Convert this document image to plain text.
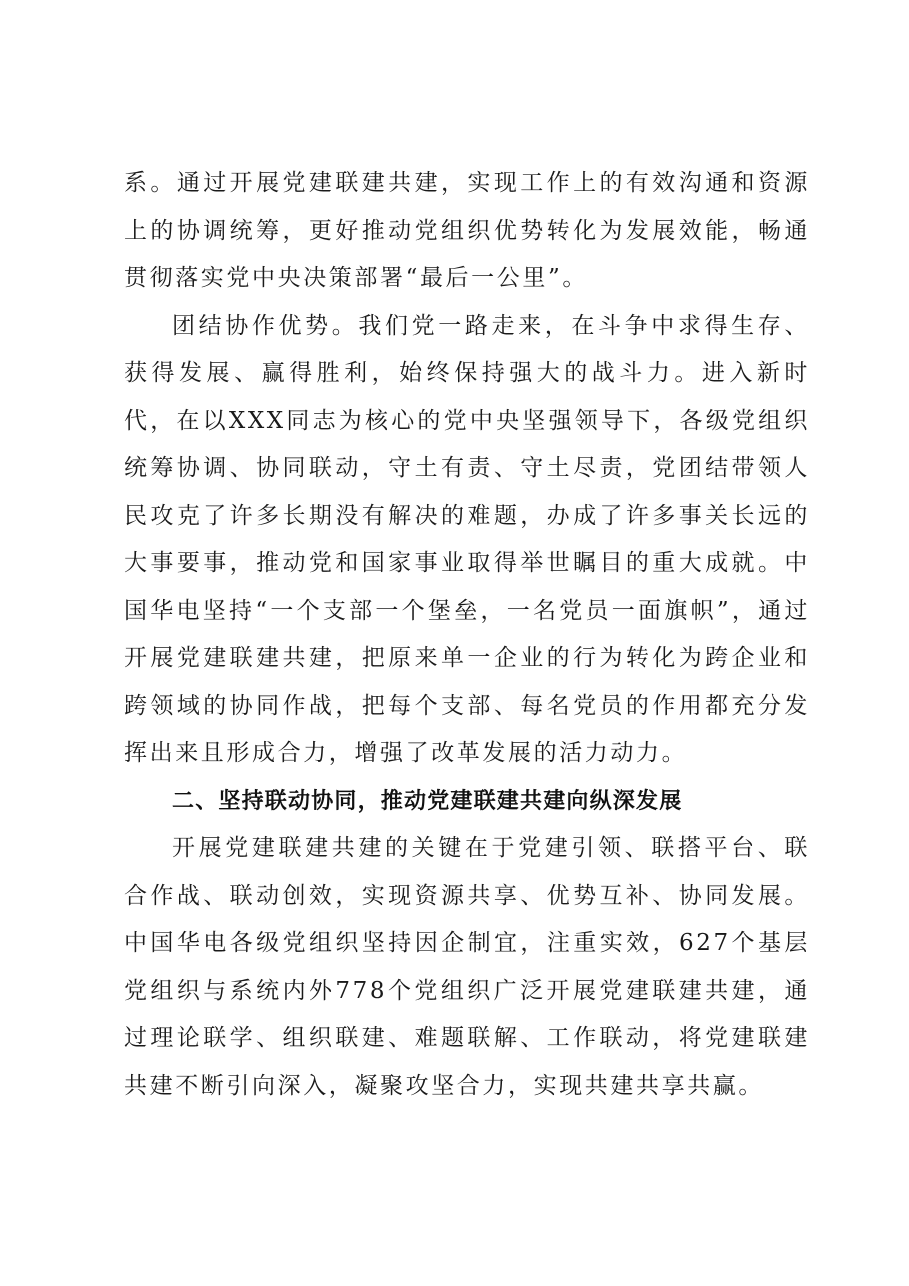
系。通过开展党建联建共建，实现工作上的有效沟通和资源上的协调统筹，更好推动党组织优势转化为发展效能，畅通贯彻落实党中央决策部署“最后一公里”。

团结协作优势。我们党一路走来，在斗争中求得生存、获得发展、赢得胜利，始终保持强大的战斗力。进入新时代，在以XXX同志为核心的党中央坚强领导下，各级党组织统筹协调、协同联动，守土有责、守土尽责，党团结带领人民攻克了许多长期没有解决的难题，办成了许多事关长远的大事要事，推动党和国家事业取得举世瞩目的重大成就。中国华电坚持“一个支部一个堡垒，一名党员一面旗帜”，通过开展党建联建共建，把原来单一企业的行为转化为跨企业和跨领域的协同作战，把每个支部、每名党员的作用都充分发挥出来且形成合力，增强了改革发展的活力动力。

二、坚持联动协同，推动党建联建共建向纵深发展

开展党建联建共建的关键在于党建引领、联搭平台、联合作战、联动创效，实现资源共享、优势互补、协同发展。中国华电各级党组织坚持因企制宜，注重实效，627个基层党组织与系统内外778个党组织广泛开展党建联建共建，通过理论联学、组织联建、难题联解、工作联动，将党建联建共建不断引向深入，凝聚攻坚合力，实现共建共享共赢。
